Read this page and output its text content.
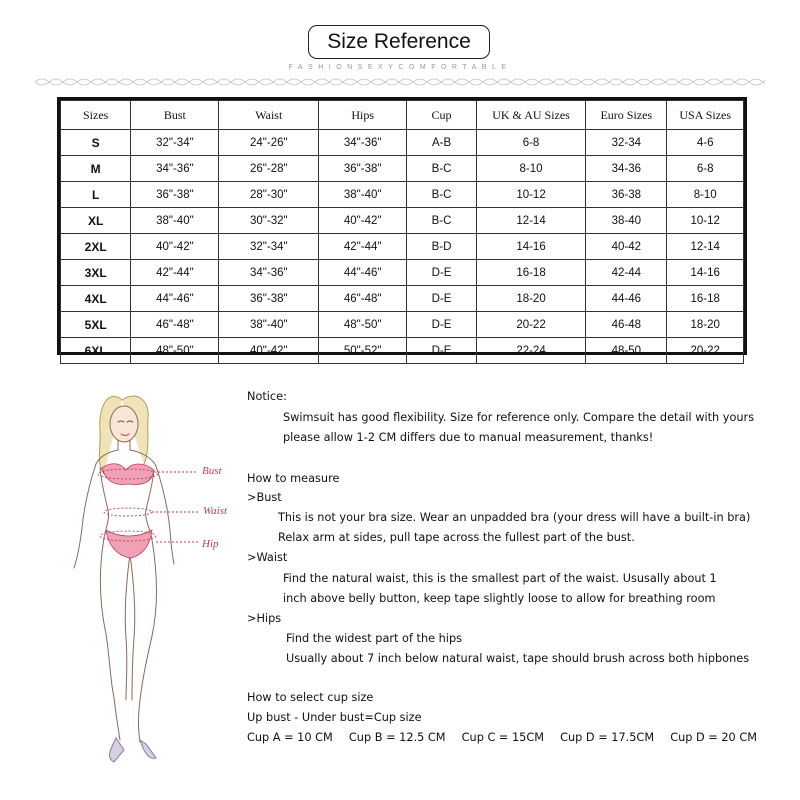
Size Reference
FASHIONSEXYCOMFORTABLE
Sizes	Bust	Waist	Hips	Cup	UK & AU Sizes	Euro Sizes	USA Sizes
S	32"-34"	24"-26"	34"-36"	A-B	6-8	32-34	4-6
M	34"-36"	26"-28"	36"-38"	B-C	8-10	34-36	6-8
L	36"-38"	28"-30"	38"-40"	B-C	10-12	36-38	8-10
XL	38"-40"	30"-32"	40"-42"	B-C	12-14	38-40	10-12
2XL	40"-42"	32"-34"	42"-44"	B-D	14-16	40-42	12-14
3XL	42"-44"	34"-36"	44"-46"	D-E	16-18	42-44	14-16
4XL	44"-46"	36"-38"	46"-48"	D-E	18-20	44-46	16-18
5XL	46"-48"	38"-40"	48"-50"	D-E	20-22	46-48	18-20
6XL	48"-50"	40"-42"	50"-52"	D-E	22-24	48-50	20-22
Bust
Waist
Hip
Notice:
Swimsuit has good flexibility. Size for reference only. Compare the detail with yours
please allow 1-2 CM differs due to manual measurement, thanks!
How to measure
>Bust
This is not your bra size. Wear an unpadded bra (your dress will have a built-in bra)
Relax arm at sides, pull tape across the fullest part of the bust.
>Waist
Find the natural waist, this is the smallest part of the waist. Ususally about 1
inch above belly button, keep tape slightly loose to allow for breathing room
>Hips
Find the widest part of the hips
Usually about 7 inch below natural waist, tape should brush across both hipbones
How to select cup size
Up bust - Under bust=Cup size
Cup A = 10 CM Cup B = 12.5 CM Cup C = 15CM Cup D = 17.5CM Cup D = 20 CM
